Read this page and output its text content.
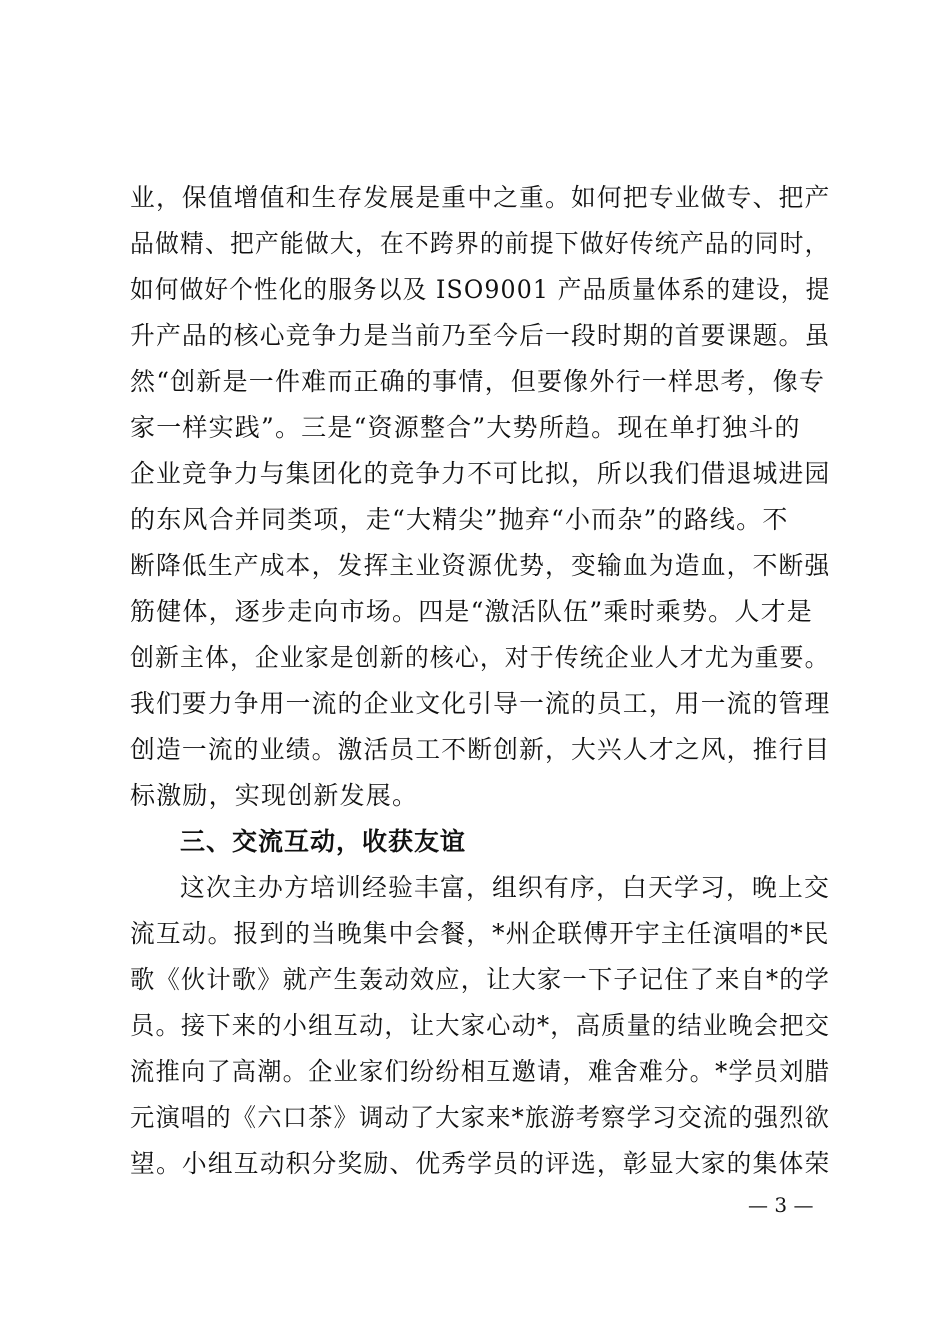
业，保值增值和生存发展是重中之重。如何把专业做专、把产
品做精、把产能做大，在不跨界的前提下做好传统产品的同时，
如何做好个性化的服务以及 ISO9001 产品质量体系的建设，提
升产品的核心竞争力是当前乃至今后一段时期的首要课题。虽
然“创新是一件难而正确的事情，但要像外行一样思考，像专
家一样实践”。三是“资源整合”大势所趋。现在单打独斗的
企业竞争力与集团化的竞争力不可比拟，所以我们借退城进园
的东风合并同类项，走“大精尖”抛弃“小而杂”的路线。不
断降低生产成本，发挥主业资源优势，变输血为造血，不断强
筋健体，逐步走向市场。四是“激活队伍”乘时乘势。人才是
创新主体，企业家是创新的核心，对于传统企业人才尤为重要。
我们要力争用一流的企业文化引导一流的员工，用一流的管理
创造一流的业绩。激活员工不断创新，大兴人才之风，推行目
标激励，实现创新发展。
三、交流互动，收获友谊
这次主办方培训经验丰富，组织有序，白天学习，晚上交
流互动。报到的当晚集中会餐，*州企联傅开宇主任演唱的*民
歌《伙计歌》就产生轰动效应，让大家一下子记住了来自*的学
员。接下来的小组互动，让大家心动*，高质量的结业晚会把交
流推向了高潮。企业家们纷纷相互邀请，难舍难分。*学员刘腊
元演唱的《六口茶》调动了大家来*旅游考察学习交流的强烈欲
望。小组互动积分奖励、优秀学员的评选，彰显大家的集体荣
— 3 —
